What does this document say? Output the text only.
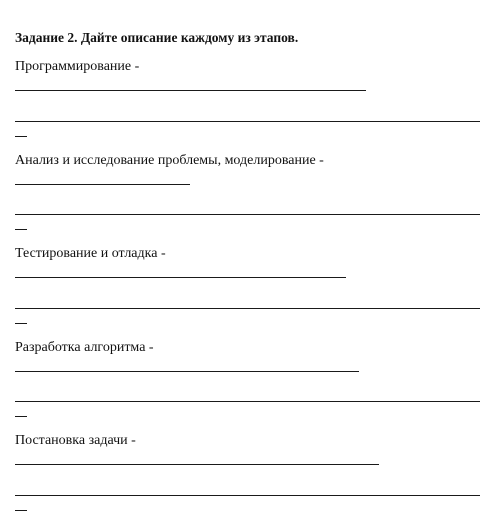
Задание 2. Дайте описание каждому из этапов.
Программирование -
Анализ и исследование проблемы, моделирование -
Тестирование и отладка -
Разработка алгоритма -
Постановка задачи -
